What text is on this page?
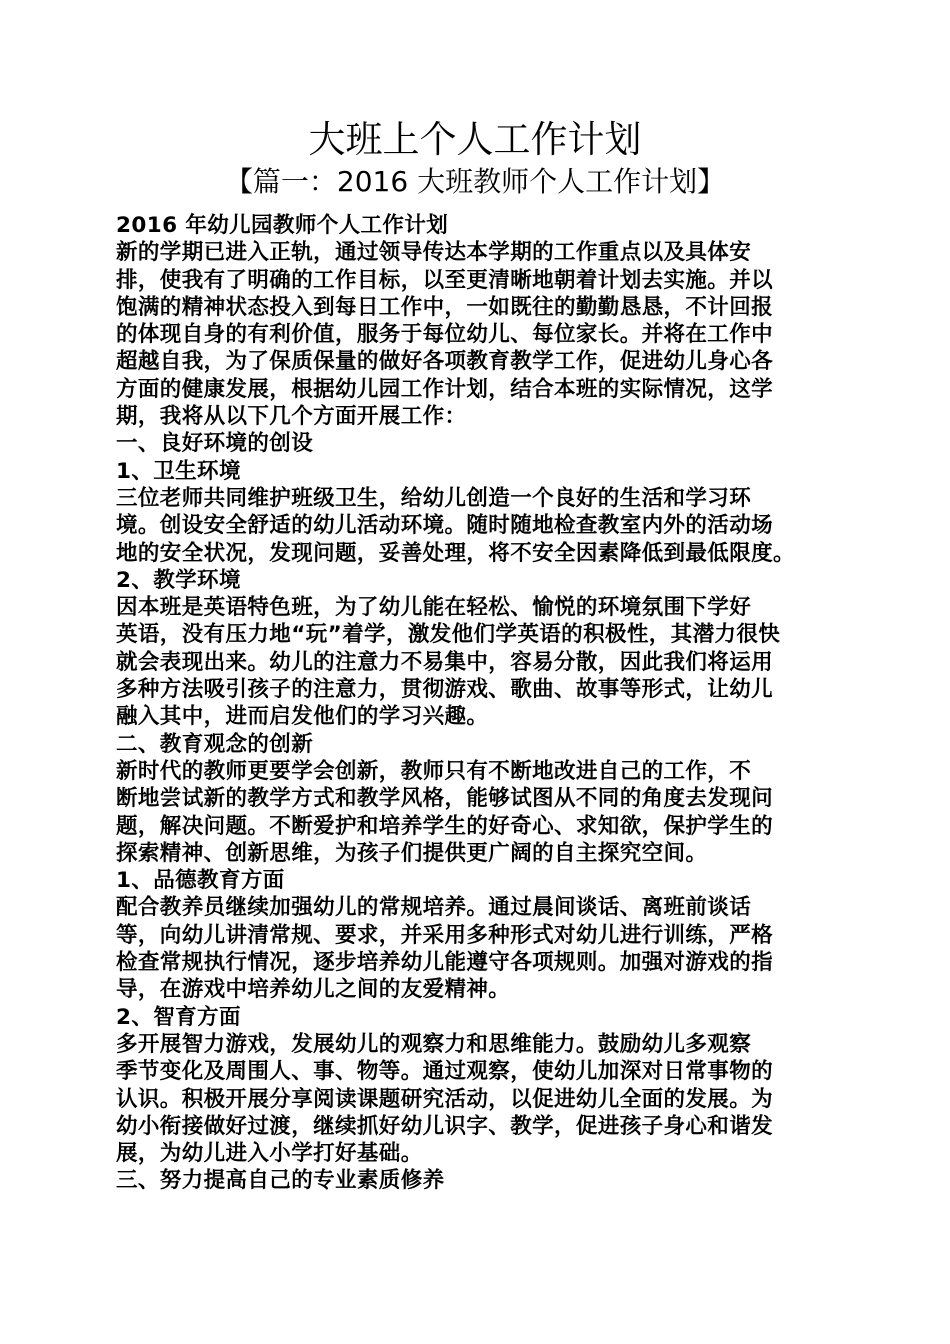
大班上个人工作计划
【篇一：2016 大班教师个人工作计划】
2016 年幼儿园教师个人工作计划
新的学期已进入正轨，通过领导传达本学期的工作重点以及具体安
排，使我有了明确的工作目标，以至更清晰地朝着计划去实施。并以
饱满的精神状态投入到每日工作中，一如既往的勤勤恳恳，不计回报
的体现自身的有利价值，服务于每位幼儿、每位家长。并将在工作中
超越自我，为了保质保量的做好各项教育教学工作，促进幼儿身心各
方面的健康发展，根据幼儿园工作计划，结合本班的实际情况，这学
期，我将从以下几个方面开展工作：
一、良好环境的创设
1、卫生环境
三位老师共同维护班级卫生，给幼儿创造一个良好的生活和学习环
境。创设安全舒适的幼儿活动环境。随时随地检查教室内外的活动场
地的安全状况，发现问题，妥善处理，将不安全因素降低到最低限度。
2、教学环境
因本班是英语特色班，为了幼儿能在轻松、愉悦的环境氛围下学好
英语，没有压力地“玩”着学，激发他们学英语的积极性，其潜力很快
就会表现出来。幼儿的注意力不易集中，容易分散，因此我们将运用
多种方法吸引孩子的注意力，贯彻游戏、歌曲、故事等形式，让幼儿
融入其中，进而启发他们的学习兴趣。
二、教育观念的创新
新时代的教师更要学会创新，教师只有不断地改进自己的工作，不
断地尝试新的教学方式和教学风格，能够试图从不同的角度去发现问
题，解决问题。不断爱护和培养学生的好奇心、求知欲，保护学生的
探索精神、创新思维，为孩子们提供更广阔的自主探究空间。
1、品德教育方面
配合教养员继续加强幼儿的常规培养。通过晨间谈话、离班前谈话
等，向幼儿讲清常规、要求，并采用多种形式对幼儿进行训练，严格
检查常规执行情况，逐步培养幼儿能遵守各项规则。加强对游戏的指
导，在游戏中培养幼儿之间的友爱精神。
2、智育方面
多开展智力游戏，发展幼儿的观察力和思维能力。鼓励幼儿多观察
季节变化及周围人、事、物等。通过观察，使幼儿加深对日常事物的
认识。积极开展分享阅读课题研究活动，以促进幼儿全面的发展。为
幼小衔接做好过渡，继续抓好幼儿识字、教学，促进孩子身心和谐发
展，为幼儿进入小学打好基础。
三、努力提高自己的专业素质修养
